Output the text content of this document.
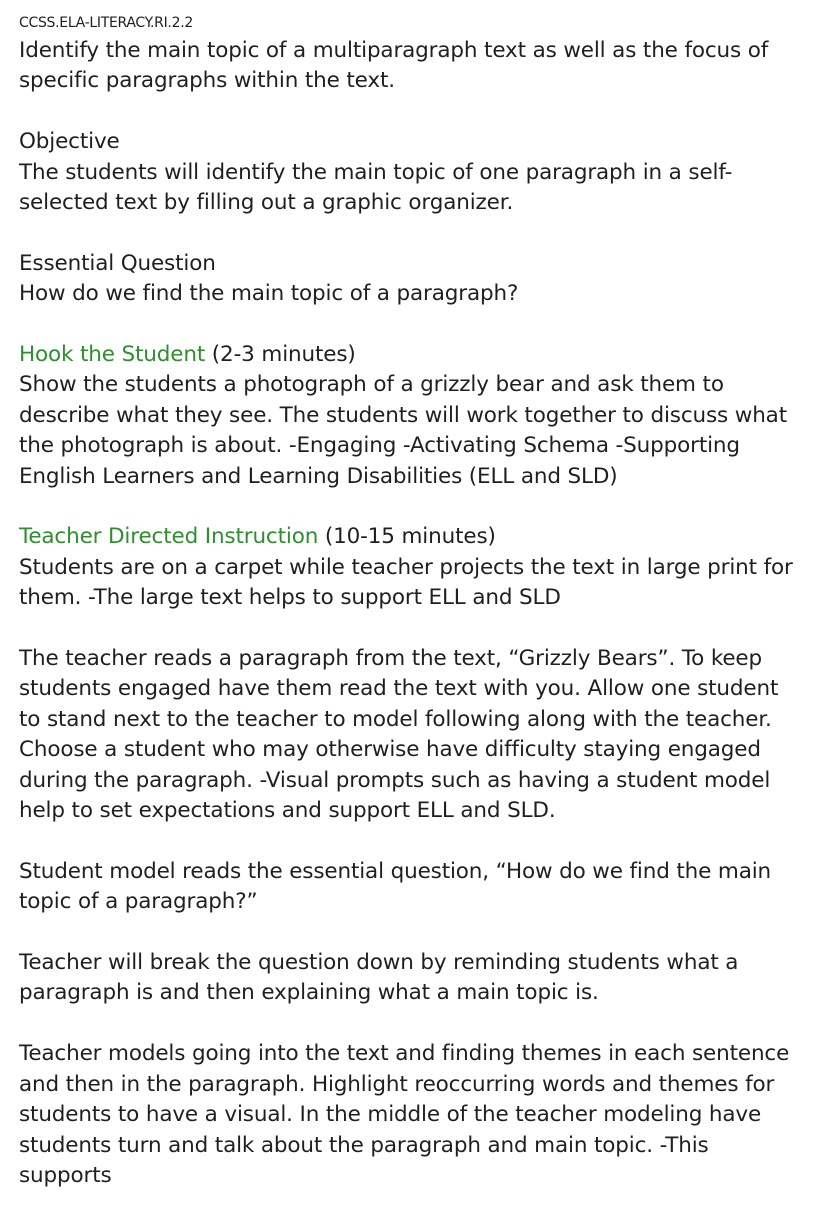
CCSS.ELA-LITERACY.RI.2.2

Identify the main topic of a multiparagraph text as well as the focus of specific paragraphs within the text.

Objective

The students will identify the main topic of one paragraph in a self-selected text by filling out a graphic organizer.

Essential Question

How do we find the main topic of a paragraph?

Hook the Student (2-3 minutes)

Show the students a photograph of a grizzly bear and ask them to describe what they see. The students will work together to discuss what the photograph is about. -Engaging -Activating Schema -Supporting English Learners and Learning Disabilities (ELL and SLD)

Teacher Directed Instruction (10-15 minutes)

Students are on a carpet while teacher projects the text in large print for them. -The large text helps to support ELL and SLD

The teacher reads a paragraph from the text, “Grizzly Bears”. To keep students engaged have them read the text with you. Allow one student to stand next to the teacher to model following along with the teacher. Choose a student who may otherwise have difficulty staying engaged during the paragraph. -Visual prompts such as having a student model help to set expectations and support ELL and SLD.

Student model reads the essential question, “How do we find the main topic of a paragraph?”

Teacher will break the question down by reminding students what a paragraph is and then explaining what a main topic is.

Teacher models going into the text and finding themes in each sentence and then in the paragraph. Highlight reoccurring words and themes for students to have a visual. In the middle of the teacher modeling have students turn and talk about the paragraph and main topic. -This supports
